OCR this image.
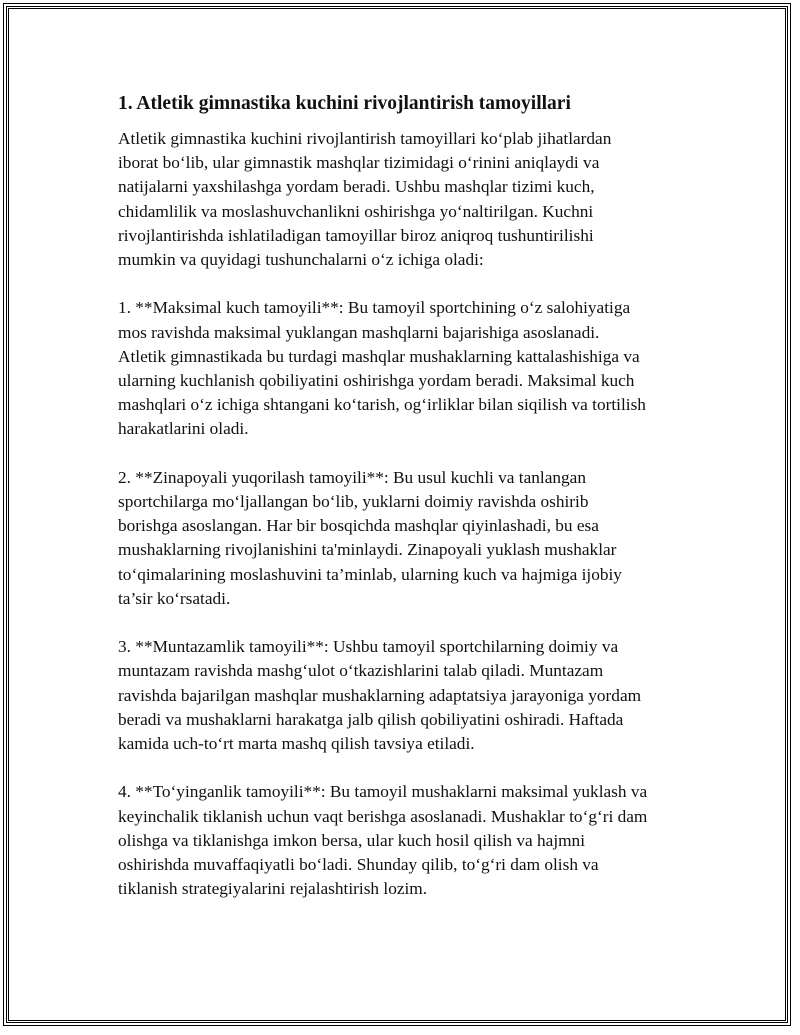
1. Atletik gimnastika kuchini rivojlantirish tamoyillari

Atletik gimnastika kuchini rivojlantirish tamoyillari ko‘plab jihatlardan
iborat bo‘lib, ular gimnastik mashqlar tizimidagi o‘rinini aniqlaydi va
natijalarni yaxshilashga yordam beradi. Ushbu mashqlar tizimi kuch,
chidamlilik va moslashuvchanlikni oshirishga yo‘naltirilgan. Kuchni
rivojlantirishda ishlatiladigan tamoyillar biroz aniqroq tushuntirilishi
mumkin va quyidagi tushunchalarni o‘z ichiga oladi:

1. **Maksimal kuch tamoyili**: Bu tamoyil sportchining o‘z salohiyatiga
mos ravishda maksimal yuklangan mashqlarni bajarishiga asoslanadi.
Atletik gimnastikada bu turdagi mashqlar mushaklarning kattalashishiga va
ularning kuchlanish qobiliyatini oshirishga yordam beradi. Maksimal kuch
mashqlari o‘z ichiga shtangani ko‘tarish, og‘irliklar bilan siqilish va tortilish
harakatlarini oladi.

2. **Zinapoyali yuqorilash tamoyili**: Bu usul kuchli va tanlangan
sportchilarga mo‘ljallangan bo‘lib, yuklarni doimiy ravishda oshirib
borishga asoslangan. Har bir bosqichda mashqlar qiyinlashadi, bu esa
mushaklarning rivojlanishini ta'minlaydi. Zinapoyali yuklash mushaklar
to‘qimalarining moslashuvini ta’minlab, ularning kuch va hajmiga ijobiy
ta’sir ko‘rsatadi.

3. **Muntazamlik tamoyili**: Ushbu tamoyil sportchilarning doimiy va
muntazam ravishda mashg‘ulot o‘tkazishlarini talab qiladi. Muntazam
ravishda bajarilgan mashqlar mushaklarning adaptatsiya jarayoniga yordam
beradi va mushaklarni harakatga jalb qilish qobiliyatini oshiradi. Haftada
kamida uch-to‘rt marta mashq qilish tavsiya etiladi.

4. **To‘yinganlik tamoyili**: Bu tamoyil mushaklarni maksimal yuklash va
keyinchalik tiklanish uchun vaqt berishga asoslanadi. Mushaklar to‘g‘ri dam
olishga va tiklanishga imkon bersa, ular kuch hosil qilish va hajmni
oshirishda muvaffaqiyatli bo‘ladi. Shunday qilib, to‘g‘ri dam olish va
tiklanish strategiyalarini rejalashtirish lozim.
